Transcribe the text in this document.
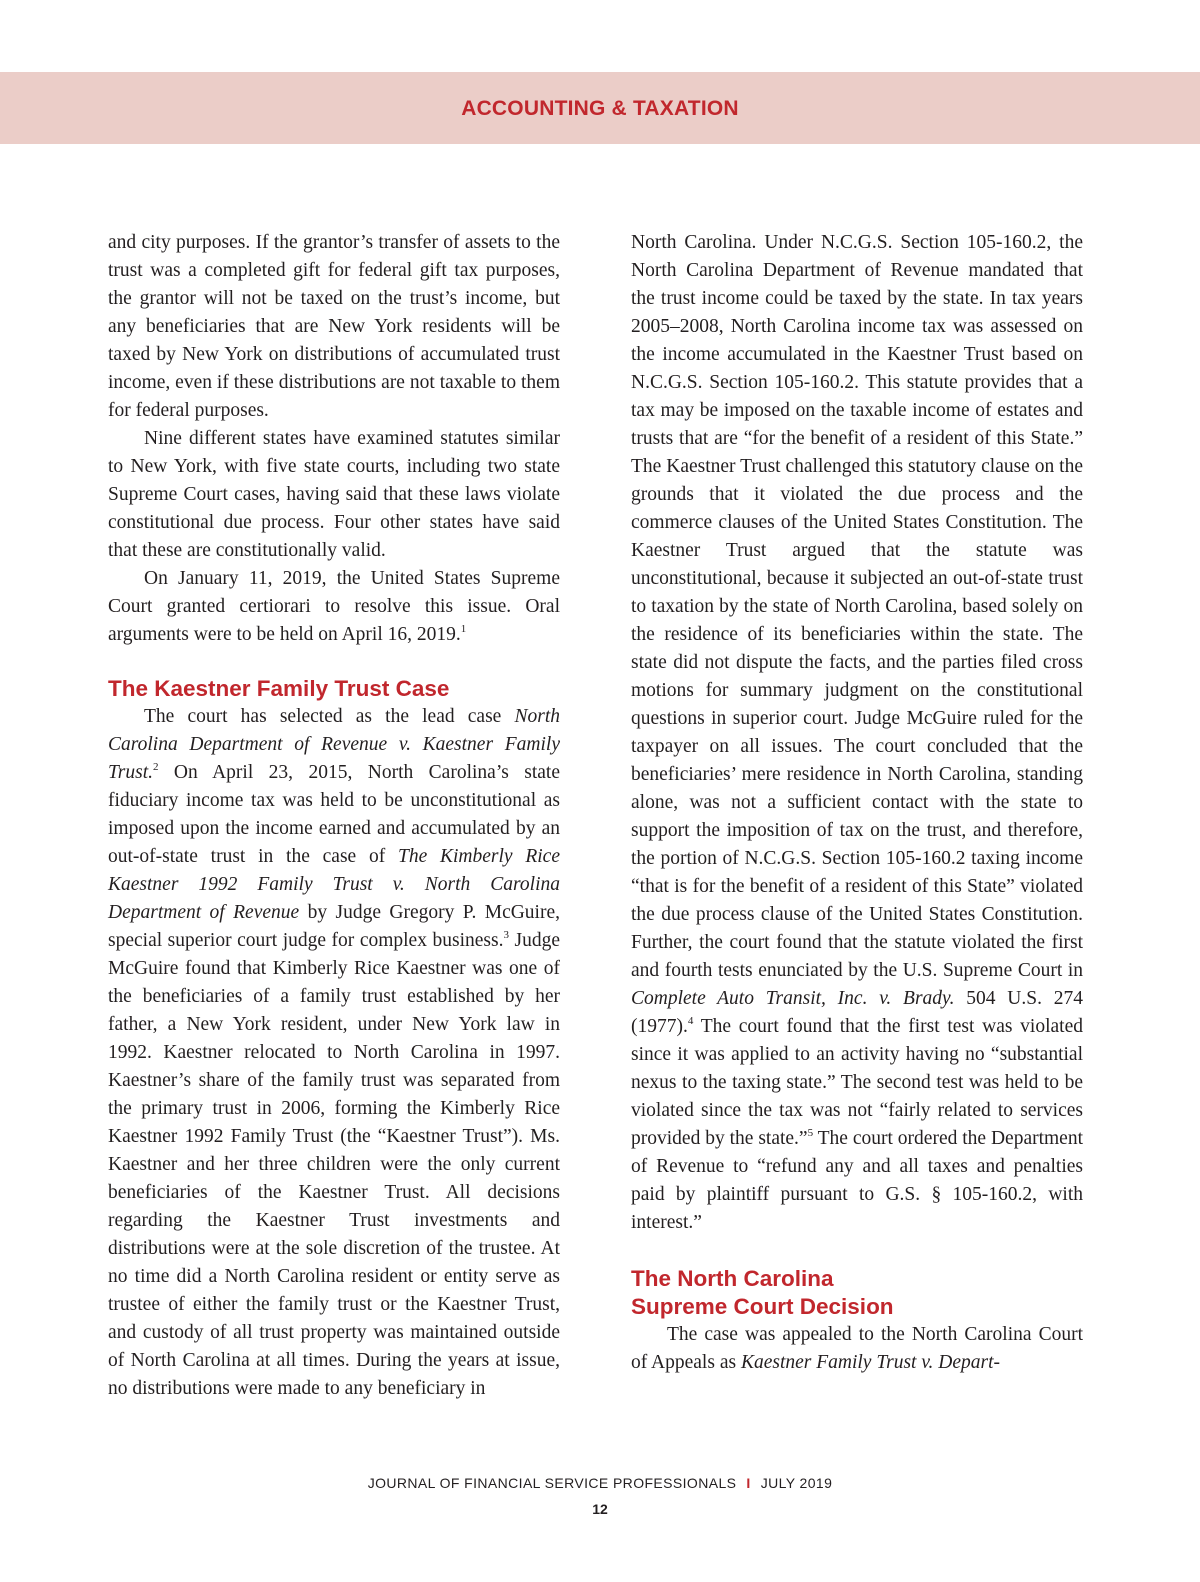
ACCOUNTING & TAXATION

and city purposes. If the grantor’s transfer of assets to the trust was a completed gift for federal gift tax purposes, the grantor will not be taxed on the trust’s income, but any beneficiaries that are New York residents will be taxed by New York on distributions of accumulated trust income, even if these distributions are not taxable to them for federal purposes.

Nine different states have examined statutes similar to New York, with five state courts, including two state Supreme Court cases, having said that these laws violate constitutional due process. Four other states have said that these are constitutionally valid.

On January 11, 2019, the United States Supreme Court granted certiorari to resolve this issue. Oral arguments were to be held on April 16, 2019.$^1$

The Kaestner Family Trust Case

The court has selected as the lead case North Carolina Department of Revenue v. Kaestner Family Trust.$^2$ On April 23, 2015, North Carolina’s state fiduciary income tax was held to be unconstitutional as imposed upon the income earned and accumulated by an out-of-state trust in the case of The Kimberly Rice Kaestner 1992 Family Trust v. North Carolina Department of Revenue by Judge Gregory P. McGuire, special superior court judge for complex business.$^3$ Judge McGuire found that Kimberly Rice Kaestner was one of the beneficiaries of a family trust established by her father, a New York resident, under New York law in 1992. Kaestner relocated to North Carolina in 1997. Kaestner’s share of the family trust was separated from the primary trust in 2006, forming the Kimberly Rice Kaestner 1992 Family Trust (the “Kaestner Trust”). Ms. Kaestner and her three children were the only current beneficiaries of the Kaestner Trust. All decisions regarding the Kaestner Trust investments and distributions were at the sole discretion of the trustee. At no time did a North Carolina resident or entity serve as trustee of either the family trust or the Kaestner Trust, and custody of all trust property was maintained outside of North Carolina at all times. During the years at issue, no distributions were made to any beneficiary in

North Carolina. Under N.C.G.S. Section 105-160.2, the North Carolina Department of Revenue mandated that the trust income could be taxed by the state. In tax years 2005–2008, North Carolina income tax was assessed on the income accumulated in the Kaestner Trust based on N.C.G.S. Section 105-160.2. This statute provides that a tax may be imposed on the taxable income of estates and trusts that are “for the benefit of a resident of this State.” The Kaestner Trust challenged this statutory clause on the grounds that it violated the due process and the commerce clauses of the United States Constitution. The Kaestner Trust argued that the statute was unconstitutional, because it subjected an out-of-state trust to taxation by the state of North Carolina, based solely on the residence of its beneficiaries within the state. The state did not dispute the facts, and the parties filed cross motions for summary judgment on the constitutional questions in superior court. Judge McGuire ruled for the taxpayer on all issues. The court concluded that the beneficiaries’ mere residence in North Carolina, standing alone, was not a sufficient contact with the state to support the imposition of tax on the trust, and therefore, the portion of N.C.G.S. Section 105-160.2 taxing income “that is for the benefit of a resident of this State” violated the due process clause of the United States Constitution. Further, the court found that the statute violated the first and fourth tests enunciated by the U.S. Supreme Court in Complete Auto Transit, Inc. v. Brady. 504 U.S. 274 (1977).$^4$ The court found that the first test was violated since it was applied to an activity having no “substantial nexus to the taxing state.” The second test was held to be violated since the tax was not “fairly related to services provided by the state.”$^5$ The court ordered the Department of Revenue to “refund any and all taxes and penalties paid by plaintiff pursuant to G.S. § 105-160.2, with interest.”

The North Carolina
Supreme Court Decision

The case was appealed to the North Carolina Court of Appeals as Kaestner Family Trust v. Depart-

JOURNAL OF FINANCIAL SERVICE PROFESSIONALS I JULY 2019
12
